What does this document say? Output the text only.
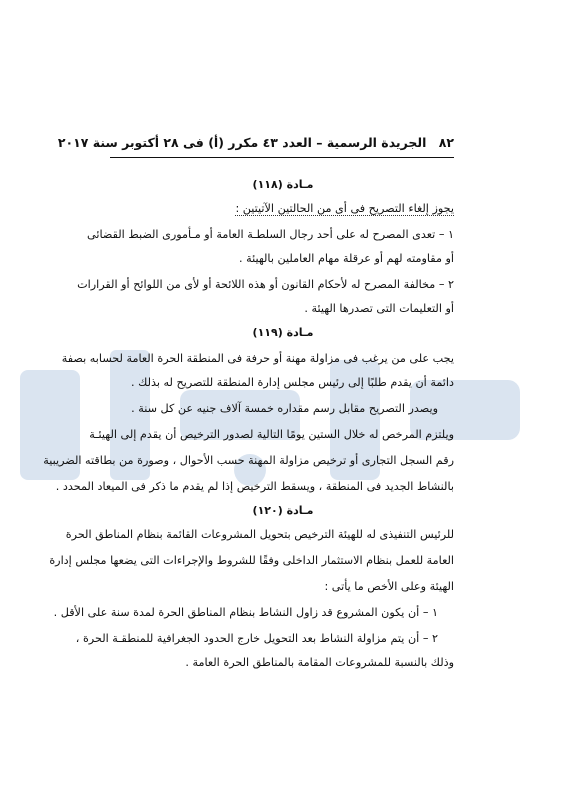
٨٢ الجريدة الرسمية – العدد ٤٣ مكرر (أ) فى ٢٨ أكتوبر سنة ٢٠١٧
مـادة (١١٨)
يجوز إلغاء التصريح فى أى من الحالتين الآتيتين :
١ – تعدى المصرح له على أحد رجال السلطـة العامة أو مـأمورى الضبط القضائى
أو مقاومته لهم أو عرقلة مهام العاملين بالهيئة .
٢ – مخالفة المصرح له لأحكام القانون أو هذه اللائحة أو لأى من اللوائح أو القرارات
أو التعليمات التى تصدرها الهيئة .
مـادة (١١٩)
يجب على من يرغب فى مزاولة مهنة أو حرفة فى المنطقة الحرة العامة لحسابه بصفة
دائمة أن يقدم طلبًا إلى رئيس مجلس إدارة المنطقة للتصريح له بذلك .
ويصدر التصريح مقابل رسم مقداره خمسة آلاف جنيه عن كل سنة .
ويلتزم المرخص له خلال الستين يومًا التالية لصدور الترخيص أن يقدم إلى الهيئـة
رقم السجل التجارى أو ترخيص مزاولة المهنة حسب الأحوال ، وصورة من بطاقته الضريبية
بالنشاط الجديد فى المنطقة ، ويسقط الترخيص إذا لم يقدم ما ذكر فى الميعاد المحدد .
مـادة (١٢٠)
للرئيس التنفيذى له للهيئة الترخيص بتحويل المشروعات القائمة بنظام المناطق الحرة
العامة للعمل بنظام الاستثمار الداخلى وفقًا للشروط والإجراءات التى يضعها مجلس إدارة
الهيئة وعلى الأخص ما يأتى :
١ – أن يكون المشروع قد زاول النشاط بنظام المناطق الحرة لمدة سنة على الأقل .
٢ – أن يتم مزاولة النشاط بعد التحويل خارج الحدود الجغرافية للمنطقـة الحرة ،
وذلك بالنسبة للمشروعات المقامة بالمناطق الحرة العامة .
